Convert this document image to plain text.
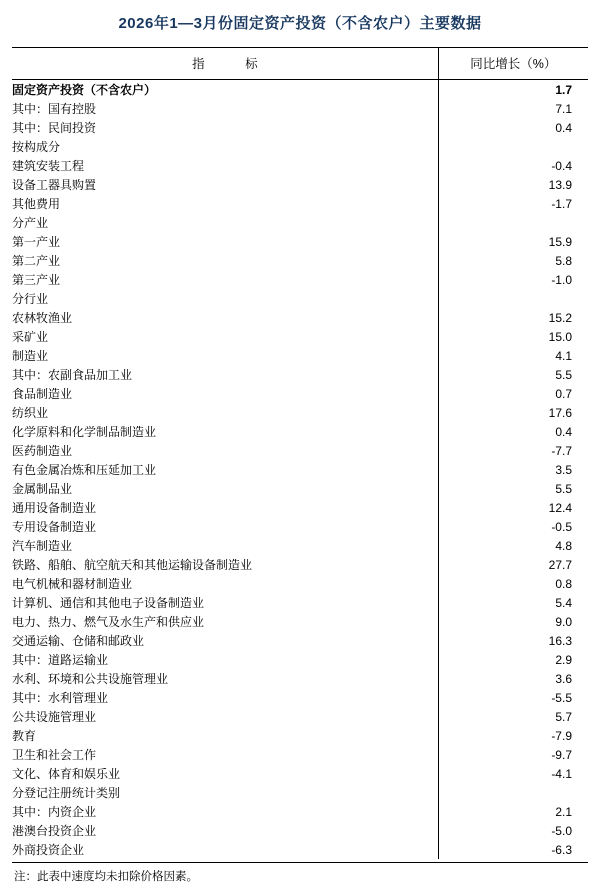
2026年1—3月份固定资产投资（不含农户）主要数据
指　标	同比增长（%）
固定资产投资（不含农户）	1.7
其中：国有控股	7.1
其中：民间投资	0.4
按构成分	
建筑安装工程	-0.4
设备工器具购置	13.9
其他费用	-1.7
分产业	
第一产业	15.9
第二产业	5.8
第三产业	-1.0
分行业	
农林牧渔业	15.2
采矿业	15.0
制造业	4.1
其中：农副食品加工业	5.5
食品制造业	0.7
纺织业	17.6
化学原料和化学制品制造业	0.4
医药制造业	-7.7
有色金属冶炼和压延加工业	3.5
金属制品业	5.5
通用设备制造业	12.4
专用设备制造业	-0.5
汽车制造业	4.8
铁路、船舶、航空航天和其他运输设备制造业	27.7
电气机械和器材制造业	0.8
计算机、通信和其他电子设备制造业	5.4
电力、热力、燃气及水生产和供应业	9.0
交通运输、仓储和邮政业	16.3
其中：道路运输业	2.9
水利、环境和公共设施管理业	3.6
其中：水利管理业	-5.5
公共设施管理业	5.7
教育	-7.9
卫生和社会工作	-9.7
文化、体育和娱乐业	-4.1
分登记注册统计类别	
其中：内资企业	2.1
港澳台投资企业	-5.0
外商投资企业	-6.3
注：此表中速度均未扣除价格因素。
